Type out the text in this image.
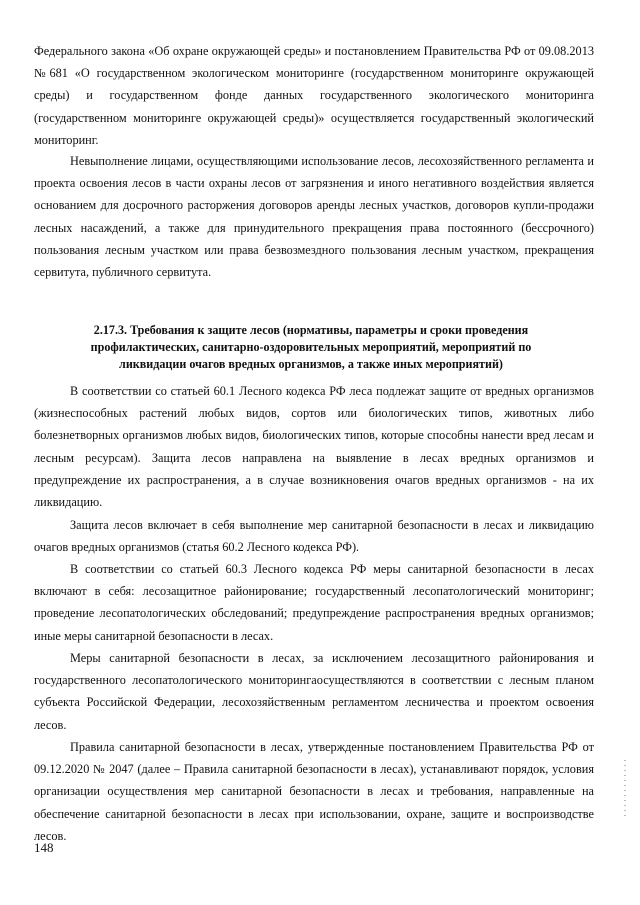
Федерального закона «Об охране окружающей среды» и постановлением Правительства РФ от 09.08.2013 №681 «О государственном экологическом мониторинге (государственном мониторинге окружающей среды) и государственном фонде данных государственного экологического мониторинга (государственном мониторинге окружающей среды)» осуществляется государственный экологический мониторинг.

Невыполнение лицами, осуществляющими использование лесов, лесохозяйственного регламента и проекта освоения лесов в части охраны лесов от загрязнения и иного негативного воздействия является основанием для досрочного расторжения договоров аренды лесных участков, договоров купли-продажи лесных насаждений, а также для принудительного прекращения права постоянного (бессрочного) пользования лесным участком или права безвозмездного пользования лесным участком, прекращения сервитута, публичного сервитута.

2.17.3. Требования к защите лесов (нормативы, параметры и сроки проведения профилактических, санитарно-оздоровительных мероприятий, мероприятий по ликвидации очагов вредных организмов, а также иных мероприятий)

В соответствии со статьей 60.1 Лесного кодекса РФ леса подлежат защите от вредных организмов (жизнеспособных растений любых видов, сортов или биологических типов, животных либо болезнетворных организмов любых видов, биологических типов, которые способны нанести вред лесам и лесным ресурсам). Защита лесов направлена на выявление в лесах вредных организмов и предупреждение их распространения, а в случае возникновения очагов вредных организмов - на их ликвидацию.

Защита лесов включает в себя выполнение мер санитарной безопасности в лесах и ликвидацию очагов вредных организмов (статья 60.2 Лесного кодекса РФ).

В соответствии со статьей 60.3 Лесного кодекса РФ меры санитарной безопасности в лесах включают в себя: лесозащитное районирование; государственный лесопатологический мониторинг; проведение лесопатологических обследований; предупреждение распространения вредных организмов; иные меры санитарной безопасности в лесах.

Меры санитарной безопасности в лесах, за исключением лесозащитного районирования и государственного лесопатологического мониторингаосуществляются в соответствии с лесным планом субъекта Российской Федерации, лесохозяйственным регламентом лесничества и проектом освоения лесов.

Правила санитарной безопасности в лесах, утвержденные постановлением Правительства РФ от 09.12.2020 № 2047 (далее – Правила санитарной безопасности в лесах), устанавливают порядок, условия организации осуществления мер санитарной безопасности в лесах и требования, направленные на обеспечение санитарной безопасности в лесах при использовании, охране, защите и воспроизводстве лесов.

148
